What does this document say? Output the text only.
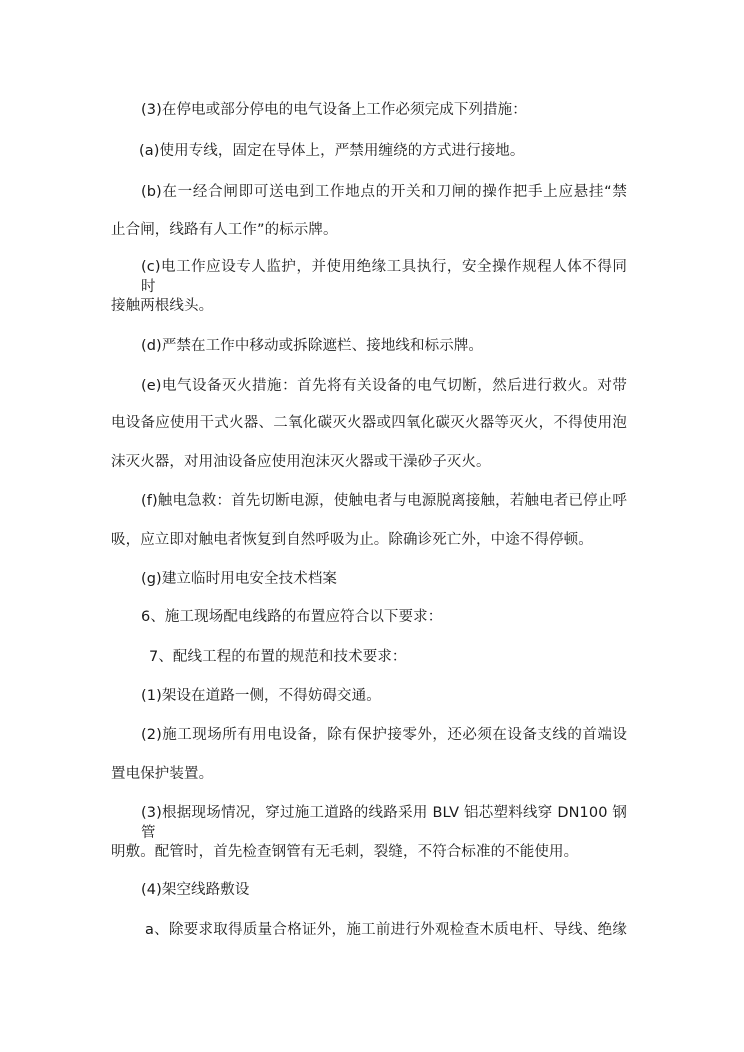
(3)在停电或部分停电的电气设备上工作必须完成下列措施：
(a)使用专线，固定在导体上，严禁用缠绕的方式进行接地。
(b)在一经合闸即可送电到工作地点的开关和刀闸的操作把手上应悬挂“禁
止合闸，线路有人工作”的标示牌。
(c)电工作应设专人监护，并使用绝缘工具执行，安全操作规程人体不得同时
接触两根线头。
(d)严禁在工作中移动或拆除遮栏、接地线和标示牌。
(e)电气设备灭火措施：首先将有关设备的电气切断，然后进行救火。对带
电设备应使用干式火器、二氧化碳灭火器或四氧化碳灭火器等灭火，不得使用泡
沫灭火器，对用油设备应使用泡沫灭火器或干澡砂子灭火。
(f)触电急救：首先切断电源，使触电者与电源脱离接触，若触电者已停止呼
吸，应立即对触电者恢复到自然呼吸为止。除确诊死亡外，中途不得停顿。
(g)建立临时用电安全技术档案
6、施工现场配电线路的布置应符合以下要求：
7、配线工程的布置的规范和技术要求：
(1)架设在道路一侧，不得妨碍交通。
(2)施工现场所有用电设备，除有保护接零外，还必须在设备支线的首端设
置电保护装置。
(3)根据现场情况，穿过施工道路的线路采用 BLV 铝芯塑料线穿 DN100 钢管
明敷。配管时，首先检查钢管有无毛刺，裂缝，不符合标准的不能使用。
(4)架空线路敷设
a、除要求取得质量合格证外，施工前进行外观检查木质电杆、导线、绝缘
